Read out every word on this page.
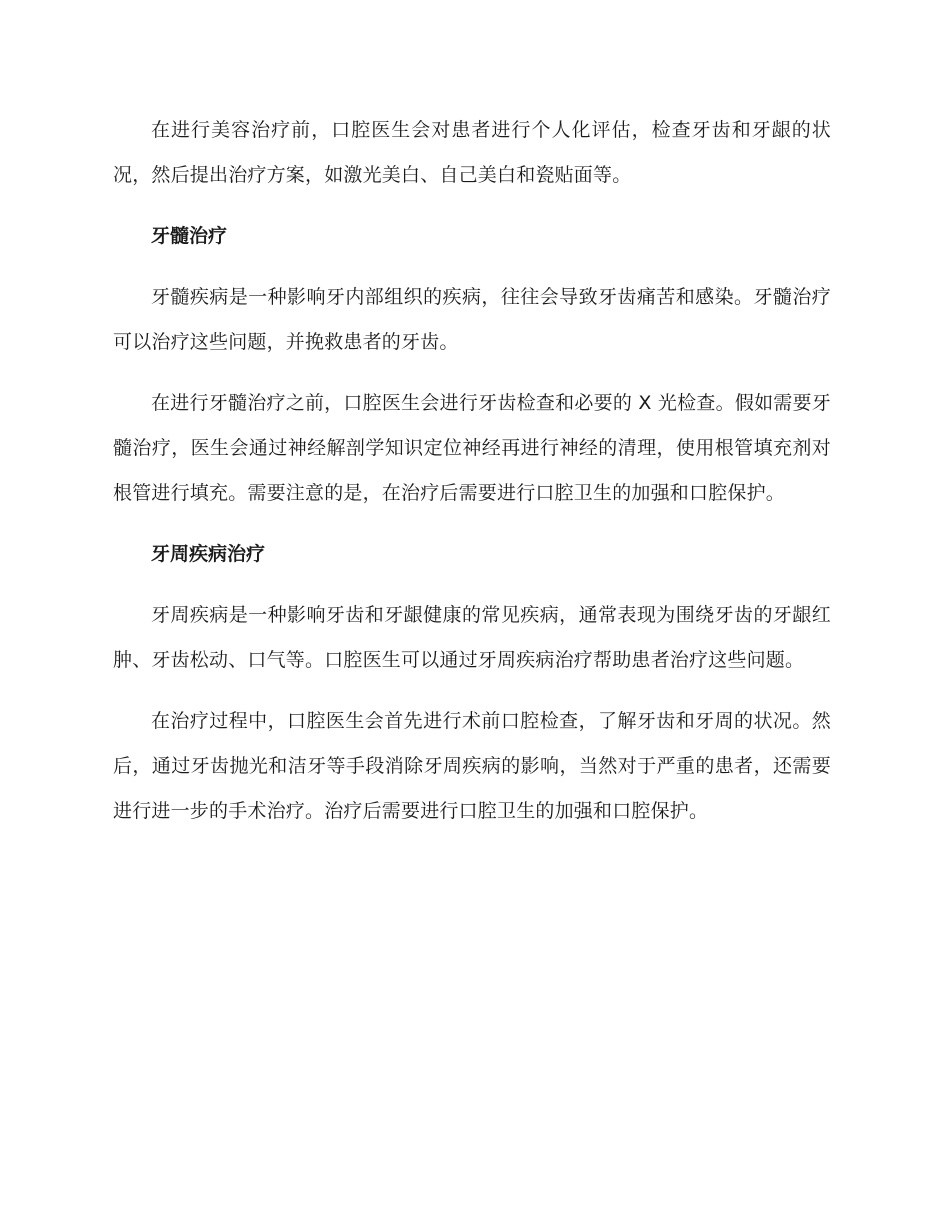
在进行美容治疗前，口腔医生会对患者进行个人化评估，检查牙齿和牙龈的状况，然后提出治疗方案，如激光美白、自己美白和瓷贴面等。

牙髓治疗

牙髓疾病是一种影响牙内部组织的疾病，往往会导致牙齿痛苦和感染。牙髓治疗可以治疗这些问题，并挽救患者的牙齿。

在进行牙髓治疗之前，口腔医生会进行牙齿检查和必要的 X 光检查。假如需要牙髓治疗，医生会通过神经解剖学知识定位神经再进行神经的清理，使用根管填充剂对根管进行填充。需要注意的是，在治疗后需要进行口腔卫生的加强和口腔保护。

牙周疾病治疗

牙周疾病是一种影响牙齿和牙龈健康的常见疾病，通常表现为围绕牙齿的牙龈红肿、牙齿松动、口气等。口腔医生可以通过牙周疾病治疗帮助患者治疗这些问题。

在治疗过程中，口腔医生会首先进行术前口腔检查，了解牙齿和牙周的状况。然后，通过牙齿抛光和洁牙等手段消除牙周疾病的影响，当然对于严重的患者，还需要进行进一步的手术治疗。治疗后需要进行口腔卫生的加强和口腔保护。
